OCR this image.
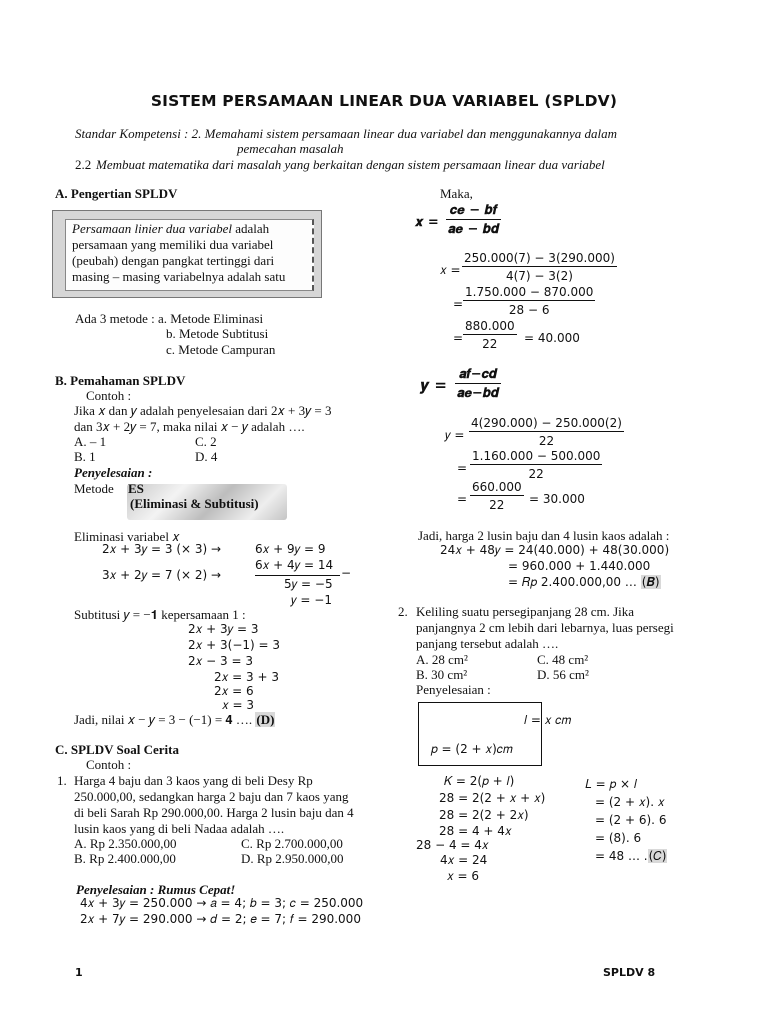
SISTEM PERSAMAAN LINEAR DUA VARIABEL (SPLDV)
Standar Kompetensi : 2. Memahami sistem persamaan linear dua variabel dan menggunakannya dalam
pemecahan masalah
2.2 Membuat matematika dari masalah yang berkaitan dengan sistem persamaan linear dua variabel
A. Pengertian SPLDV
Persamaan linier dua variabel adalah
persamaan yang memiliki dua variabel
(peubah) dengan pangkat tertinggi dari
masing – masing variabelnya adalah satu
Ada 3 metode : a. Metode Eliminasi
b. Metode Subtitusi
c. Metode Campuran
B. Pemahaman SPLDV
Contoh :
Jika 𝑥 dan 𝑦 adalah penyelesaian dari 2𝑥 + 3𝑦 = 3
dan 3𝑥 + 2𝑦 = 7, maka nilai 𝑥 − 𝑦 adalah ….
A. – 1	C. 2
B. 1	D. 4
Penyelesaian :
Metode ES
(Eliminasi & Subtitusi)
Eliminasi variabel 𝑥
2𝑥 + 3𝑦 = 3 (× 3) →	6𝑥 + 9𝑦 = 9
3𝑥 + 2𝑦 = 7 (× 2) →
6𝑥 + 4𝑦 = 14
−
5𝑦 = −5
𝑦 = −1
Subtitusi 𝑦 = −𝟏 kepersamaan 1 :
2𝑥 + 3𝑦 = 3
2𝑥 + 3(−1) = 3
2𝑥 − 3 = 3
2𝑥 = 3 + 3
2𝑥 = 6
𝑥 = 3
Jadi, nilai 𝑥 − 𝑦 = 3 − (−1) = 𝟒 …. (D)
C. SPLDV Soal Cerita
Contoh :
1. Harga 4 baju dan 3 kaos yang di beli Desy Rp
250.000,00, sedangkan harga 2 baju dan 7 kaos yang
di beli Sarah Rp 290.000,00. Harga 2 lusin baju dan 4
lusin kaos yang di beli Nadaa adalah ….
A. Rp 2.350.000,00	C. Rp 2.700.000,00
B. Rp 2.400.000,00	D. Rp 2.950.000,00
Penyelesaian : Rumus Cepat!
4𝑥 + 3𝑦 = 250.000 → 𝑎 = 4; 𝑏 = 3; 𝑐 = 250.000
2𝑥 + 7𝑦 = 290.000 → 𝑑 = 2; 𝑒 = 7; 𝑓 = 290.000
Maka,
𝒙 =
𝒄𝒆 − 𝒃𝒇
𝒂𝒆 − 𝒃𝒅
𝑥 = $\frac{250.000(7) - 3(290.000)}{4(7) - 3(2)}$
= $\frac{1.750.000 - 870.000}{28 - 6}$
= $\frac{880.000}{22} = 40.000$
𝒚 =
𝒂𝒇−𝒄𝒅
𝒂𝒆−𝒃𝒅
𝑦 = $\frac{4(290.000) - 250.000(2)}{22}$
= $\frac{1.160.000 - 500.000}{22}$
= $\frac{660.000}{22} = 30.000$
Jadi, harga 2 lusin baju dan 4 lusin kaos adalah :
24𝑥 + 48𝑦 = 24(40.000) + 48(30.000)
= 960.000 + 1.440.000
= 𝑅𝑝 2.400.000,00 … (𝑩)
2. Keliling suatu persegipanjang 28 cm. Jika
panjangnya 2 cm lebih dari lebarnya, luas persegi
panjang tersebut adalah ….
A. 28 cm²	C. 48 cm²
B. 30 cm²	D. 56 cm²
Penyelesaian :
𝑙 = 𝑥 𝑐𝑚
𝑝 = (2 + 𝑥)𝑐𝑚
𝐾 = 2(𝑝 + 𝑙)
28 = 2(2 + 𝑥 + 𝑥)
28 = 2(2 + 2𝑥)
28 = 4 + 4𝑥
28 − 4 = 4𝑥
4𝑥 = 24
𝑥 = 6
𝐿 = 𝑝 × 𝑙
= (2 + 𝑥). 𝑥
= (2 + 6). 6
= (8). 6
= 48 … .(𝐶)
1	SPLDV 8
